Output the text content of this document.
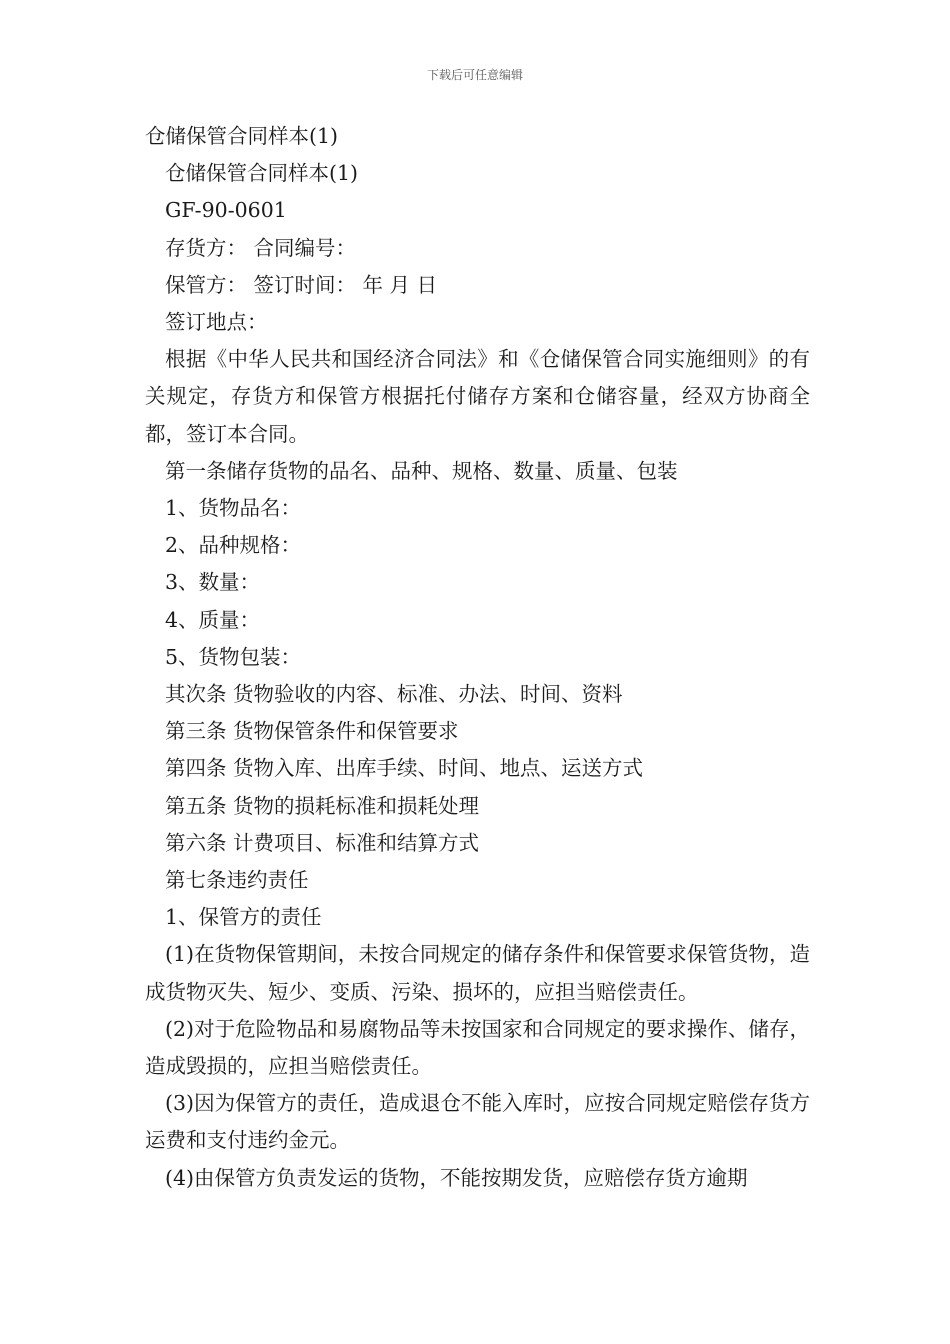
下载后可任意编辑
仓储保管合同样本(1)
仓储保管合同样本(1)
GF-90-0601
存货方： 合同编号：
保管方： 签订时间： 年 月 日
签订地点：
根据《中华人民共和国经济合同法》和《仓储保管合同实施细则》的有关规定，存货方和保管方根据托付储存方案和仓储容量，经双方协商全都，签订本合同。
第一条储存货物的品名、品种、规格、数量、质量、包装
1、货物品名：
2、品种规格：
3、数量：
4、质量：
5、货物包装：
其次条 货物验收的内容、标准、办法、时间、资料
第三条 货物保管条件和保管要求
第四条 货物入库、出库手续、时间、地点、运送方式
第五条 货物的损耗标准和损耗处理
第六条 计费项目、标准和结算方式
第七条违约责任
1、保管方的责任
(1)在货物保管期间，未按合同规定的储存条件和保管要求保管货物，造成货物灭失、短少、变质、污染、损坏的，应担当赔偿责任。
(2)对于危险物品和易腐物品等未按国家和合同规定的要求操作、储存，造成毁损的，应担当赔偿责任。
(3)因为保管方的责任，造成退仓不能入库时，应按合同规定赔偿存货方运费和支付违约金元。
(4)由保管方负责发运的货物，不能按期发货，应赔偿存货方逾期
